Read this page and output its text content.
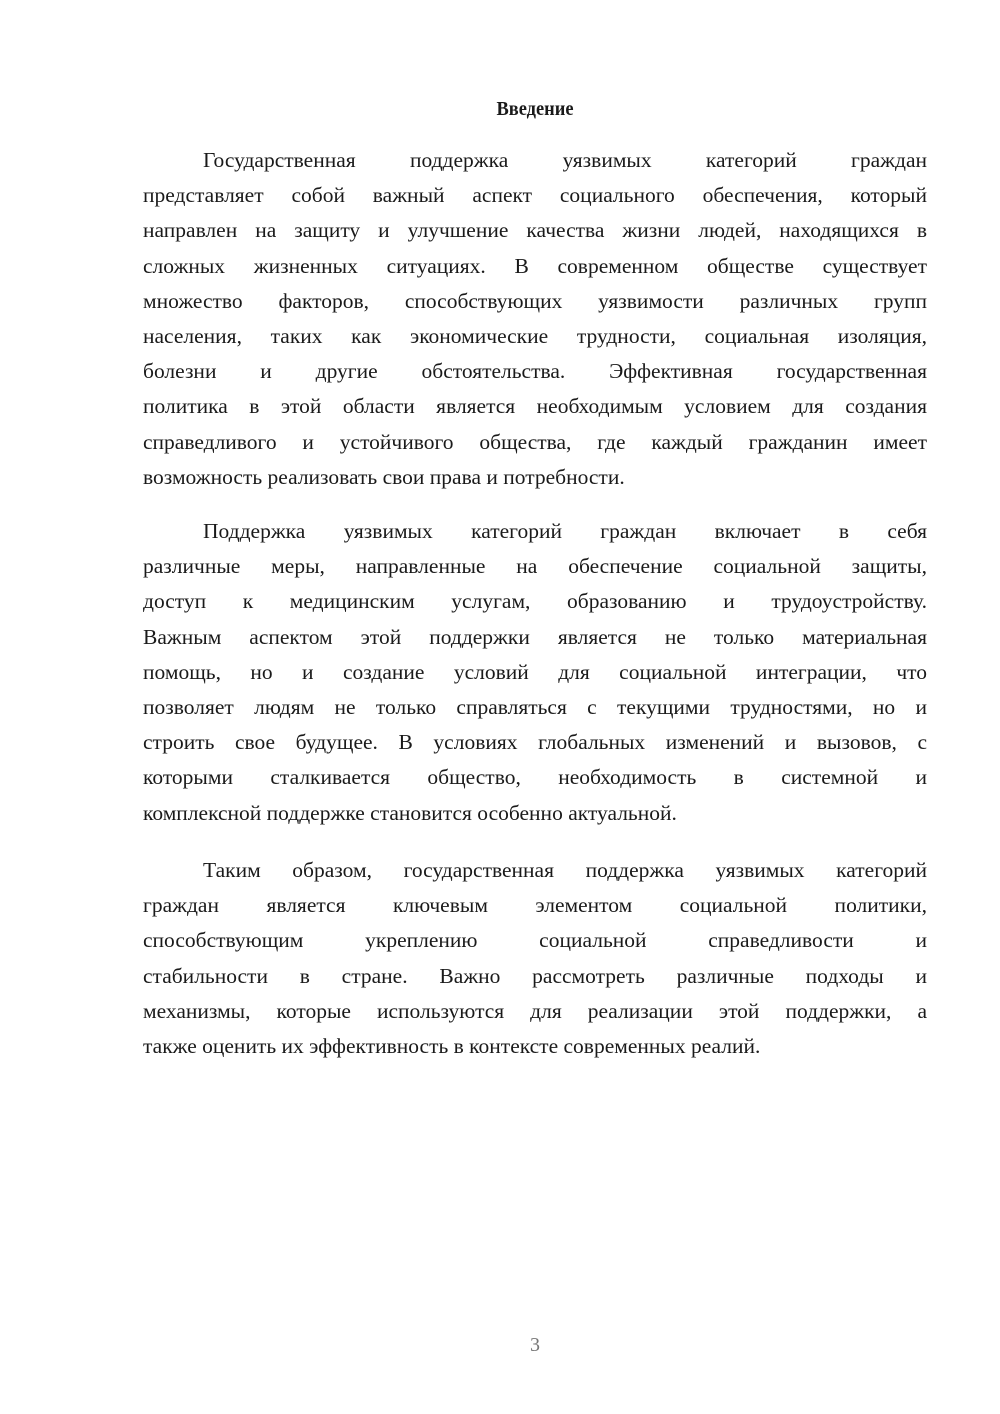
Введение
Государственная поддержка уязвимых категорий граждан
представляет собой важный аспект социального обеспечения, который
направлен на защиту и улучшение качества жизни людей, находящихся в
сложных жизненных ситуациях. В современном обществе существует
множество факторов, способствующих уязвимости различных групп
населения, таких как экономические трудности, социальная изоляция,
болезни и другие обстоятельства. Эффективная государственная
политика в этой области является необходимым условием для создания
справедливого и устойчивого общества, где каждый гражданин имеет
возможность реализовать свои права и потребности.
Поддержка уязвимых категорий граждан включает в себя
различные меры, направленные на обеспечение социальной защиты,
доступ к медицинским услугам, образованию и трудоустройству.
Важным аспектом этой поддержки является не только материальная
помощь, но и создание условий для социальной интеграции, что
позволяет людям не только справляться с текущими трудностями, но и
строить свое будущее. В условиях глобальных изменений и вызовов, с
которыми сталкивается общество, необходимость в системной и
комплексной поддержке становится особенно актуальной.
Таким образом, государственная поддержка уязвимых категорий
граждан является ключевым элементом социальной политики,
способствующим укреплению социальной справедливости и
стабильности в стране. Важно рассмотреть различные подходы и
механизмы, которые используются для реализации этой поддержки, а
также оценить их эффективность в контексте современных реалий.
3
